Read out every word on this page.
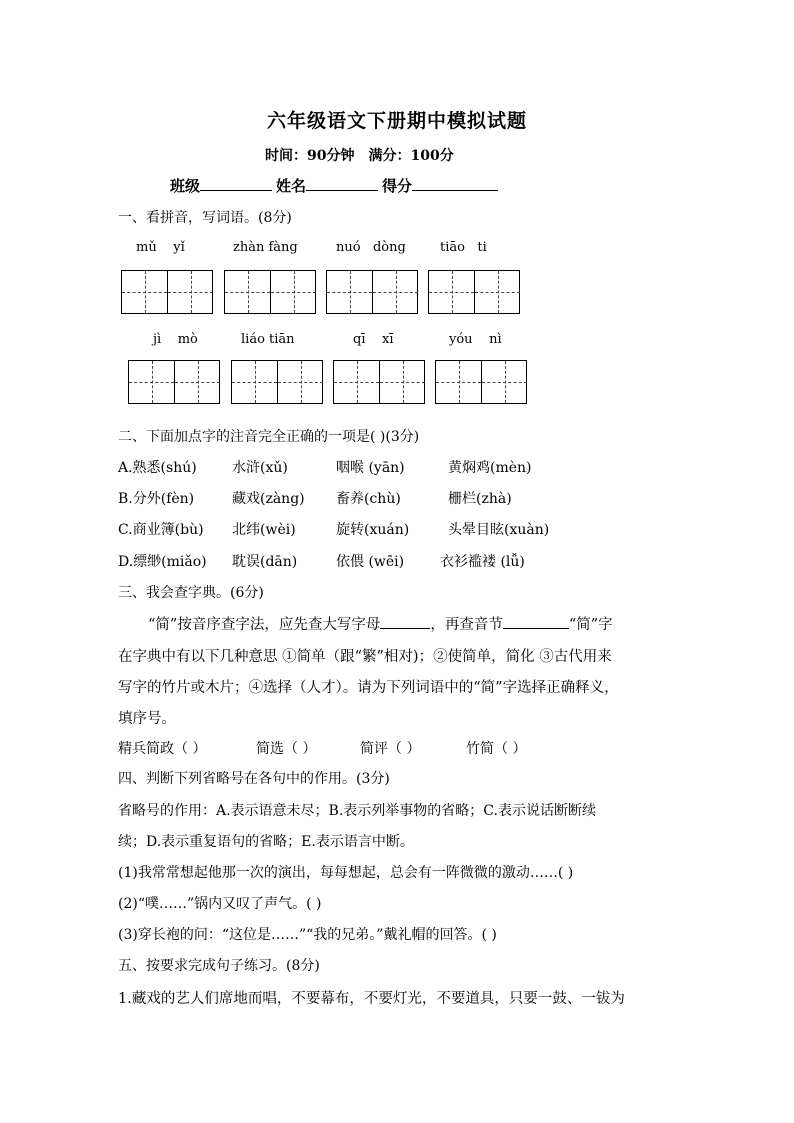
六年级语文下册期中模拟试题
时间：90分钟 满分：100分
班级	姓名	得分
一、看拼音，写词语。(8分)
mǔ yǐ	zhàn fàng	nuó dòng	tiāo ti
jì mò	liáo tiān	qī xī	yóu nì
二、下面加点字的注音完全正确的一项是( )(3分)
A.熟悉(shú)	水浒(xǔ)	咽喉 (yān)	黄焖鸡(mèn)
B.分外(fèn)	藏戏(zàng) 畜养(chù)	栅栏(zhà)
C.商业簿(bù) 北纬(wèi)	旋转(xuán)	头晕目眩(xuàn)
D.缥缈(miǎo) 耽误(dān)	依偎 (wēi)	衣衫褴褛 (lǚ)
三、我会查字典。(6分)
“简”按音序查字法，应先查大写字母	，再查音节	“简”字
在字典中有以下几种意思 ①简单（跟“繁”相对)；②使简单，简化 ③古代用来
写字的竹片或木片；④选择（人才）。请为下列词语中的“简”字选择正确释义，
填序号。
精兵简政（ ）	简选（ ）	简评（ ）	竹简（ ）
四、判断下列省略号在各句中的作用。(3分)
省略号的作用：A.表示语意未尽；B.表示列举事物的省略；C.表示说话断断续
续；D.表示重复语句的省略；E.表示语言中断。
(1)我常常想起他那一次的演出，每每想起，总会有一阵微微的激动……( )
(2)“噗……”锅内又叹了声气。( )
(3)穿长袍的问：“这位是……”“我的兄弟。”戴礼帽的回答。( )
五、按要求完成句子练习。(8分)
1.藏戏的艺人们席地而唱，不要幕布，不要灯光，不要道具，只要一鼓、一钹为
